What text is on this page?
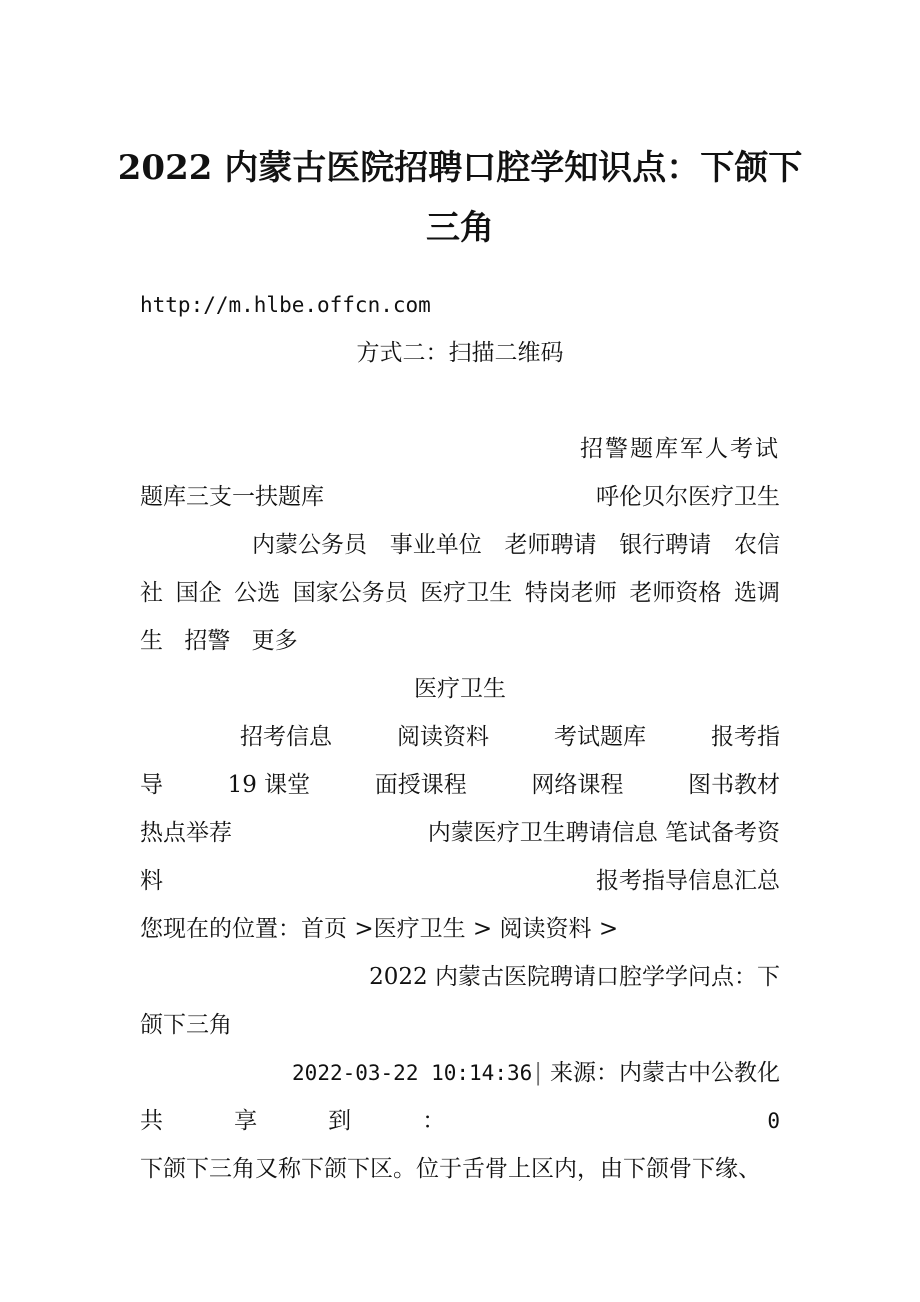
2022 内蒙古医院招聘口腔学知识点：下颌下
三角
http://m.hlbe.offcn.com
方式二：扫描二维码
招警题库军人考试
题库三支一扶题库	呼伦贝尔医疗卫生
内蒙公务员 事业单位 老师聘请 银行聘请 农信
社 国企 公选 国家公务员 医疗卫生 特岗老师 老师资格 选调
生 招警 更多
医疗卫生
招考信息	阅读资料	考试题库	报考指
导	19 课堂	面授课程	网络课程	图书教材
热点举荐	内蒙医疗卫生聘请信息 笔试备考资
料	报考指导信息汇总
您现在的位置：首页 >医疗卫生 > 阅读资料 >
2022 内蒙古医院聘请口腔学学问点：下
颌下三角
2022-03-22 10:14:36| 来源：内蒙古中公教化
共	享	到	：	0
下颌下三角又称下颌下区。位于舌骨上区内，由下颌骨下缘、
